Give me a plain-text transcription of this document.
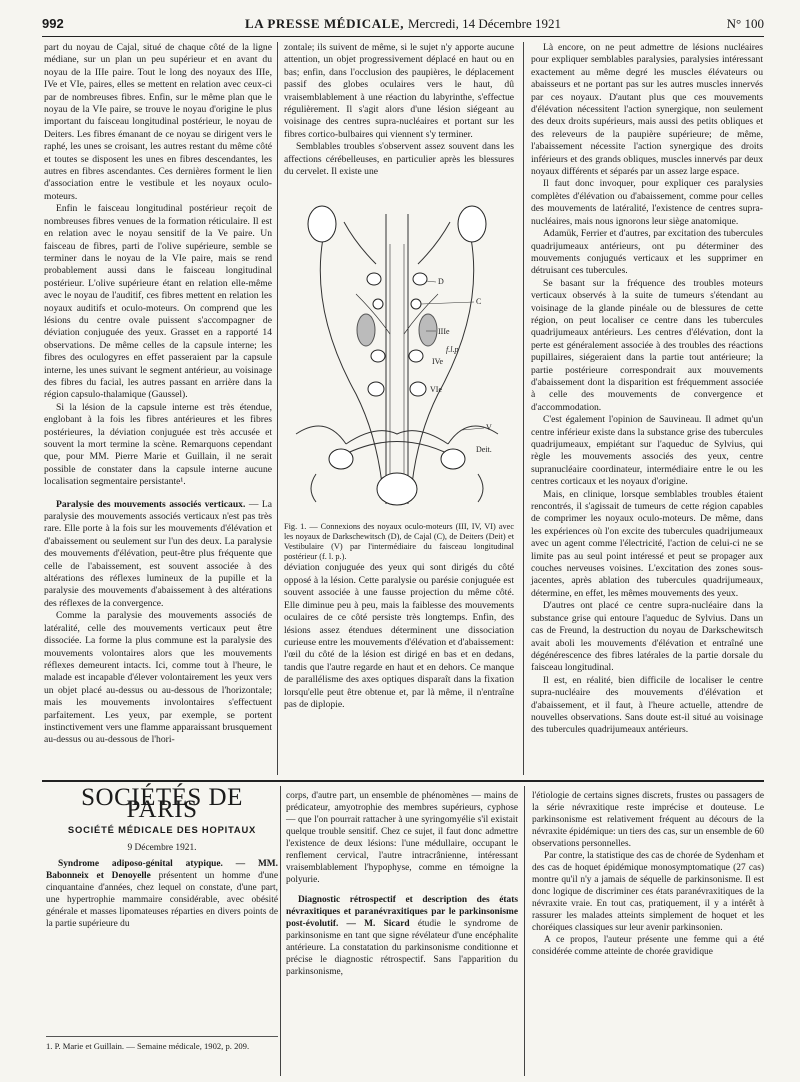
992	LA PRESSE MÉDICALE, Mercredi, 14 Décembre 1921	N° 100

part du noyau de Cajal, situé de chaque côté de la ligne médiane, sur un plan un peu supérieur et en avant du noyau de la IIIe paire. Tout le long des noyaux des IIIe, IVe et VIe, paires, elles se mettent en relation avec ceux-ci par de nombreuses fibres. Enfin, sur le même plan que le noyau de la VIe paire, se trouve le noyau d'origine le plus important du faisceau longitudinal postérieur, le noyau de Deiters. Les fibres émanant de ce noyau se dirigent vers le raphé, les unes se croisant, les autres restant du même côté et toutes se disposent les unes en fibres descendantes, les autres en fibres ascendantes. Ces dernières forment le lien d'association entre le vestibule et les noyaux oculo-moteurs.

Enfin le faisceau longitudinal postérieur reçoit de nombreuses fibres venues de la formation réticulaire. Il est en relation avec le noyau sensitif de la Ve paire. Un faisceau de fibres, parti de l'olive supérieure, semble se terminer dans le noyau de la VIe paire, mais se rend probablement aussi dans le faisceau longitudinal postérieur. L'olive supérieure étant en relation elle-même avec le noyau de l'auditif, ces fibres mettent en relation les noyaux auditifs et oculo-moteurs. On comprend que les lésions du centre ovale puissent s'accompagner de déviation conjuguée des yeux. Grasset en a rapporté 14 observations. De même celles de la capsule interne; les fibres des oculogyres en effet passeraient par la capsule interne, les unes suivant le segment antérieur, au voisinage des fibres du facial, les autres passant en arrière dans la région capsulo-thalamique (Gaussel).

Si la lésion de la capsule interne est très étendue, englobant à la fois les fibres antérieures et les fibres postérieures, la déviation conjuguée est très accusée et souvent la mort termine la scène. Remarquons cependant que, pour MM. Pierre Marie et Guillain, il ne serait possible de constater dans la capsule interne aucune localisation segmentaire persistante¹.

Paralysie des mouvements associés verticaux. — La paralysie des mouvements associés verticaux n'est pas très rare. Elle porte à la fois sur les mouvements d'élévation et d'abaissement ou seulement sur l'un des deux. La paralysie des mouvements d'élévation, peut-être plus fréquente que celle de l'abaissement, est souvent associée à des altérations des réflexes lumineux de la pupille et la paralysie des mouvements d'abaissement à des altérations des réflexes de la convergence.

Comme la paralysie des mouvements associés de latéralité, celle des mouvements verticaux peut être dissociée. La forme la plus commune est la paralysie des mouvements volontaires alors que les mouvements réflexes demeurent intacts. Ici, comme tout à l'heure, le malade est incapable d'élever volontairement les yeux vers un objet placé au-dessus ou au-dessous de l'horizontale; mais les mouvements involontaires s'effectuent parfaitement. Les yeux, par exemple, se portent instinctivement vers une flamme apparaissant brusquement au-dessus ou au-dessous de l'hori-

zontale; ils suivent de même, si le sujet n'y apporte aucune attention, un objet progressivement déplacé en haut ou en bas; enfin, dans l'occlusion des paupières, le déplacement passif des globes oculaires vers le haut, dû vraisemblablement à une réaction du labyrinthe, s'effectue régulièrement. Il s'agit alors d'une lésion siégeant au voisinage des centres supra-nucléaires et portant sur les fibres cortico-bulbaires qui viennent s'y terminer.

Semblables troubles s'observent assez souvent dans les affections cérébelleuses, en particulier après les blessures du cervelet. Il existe une

D
C
IIIe
f.l.p
IVe
VIe
V
Deit.

Fig. 1. — Connexions des noyaux oculo-moteurs (III, IV, VI) avec les noyaux de Darkschewitsch (D), de Cajal (C), de Deiters (Deit) et Vestibulaire (V) par l'intermédiaire du faisceau longitudinal postérieur (f. l. p.).

déviation conjuguée des yeux qui sont dirigés du côté opposé à la lésion. Cette paralysie ou parésie conjuguée est souvent associée à une fausse projection du même côté. Elle diminue peu à peu, mais la faiblesse des mouvements oculaires de ce côté persiste très longtemps. Enfin, des lésions assez étendues déterminent une dissociation curieuse entre les mouvements d'élévation et d'abaissement: l'œil du côté de la lésion est dirigé en bas et en dedans, tandis que l'autre regarde en haut et en dehors. Ce manque de parallélisme des axes optiques disparaît dans la fixation lorsqu'elle peut être obtenue et, par là même, il n'entraîne pas de diplopie.

Là encore, on ne peut admettre de lésions nucléaires pour expliquer semblables paralysies, paralysies intéressant exactement au même degré les muscles élévateurs ou abaisseurs et ne portant pas sur les autres muscles innervés par ces noyaux. D'autant plus que ces mouvements d'élévation nécessitent l'action synergique, non seulement des deux droits supérieurs, mais aussi des petits obliques et des releveurs de la paupière supérieure; de même, l'abaissement nécessite l'action synergique des droits inférieurs et des grands obliques, muscles innervés par deux noyaux différents et séparés par un assez large espace.

Il faut donc invoquer, pour expliquer ces paralysies complètes d'élévation ou d'abaissement, comme pour celles des mouvements de latéralité, l'existence de centres supra-nucléaires, mais nous ignorons leur siège anatomique.

Adamük, Ferrier et d'autres, par excitation des tubercules quadrijumeaux antérieurs, ont pu déterminer des mouvements conjugués verticaux et les supprimer en détruisant ces tubercules.

Se basant sur la fréquence des troubles moteurs verticaux observés à la suite de tumeurs s'étendant au voisinage de la glande pinéale ou de blessures de cette région, on peut localiser ce centre dans les tubercules quadrijumeaux antérieurs. Les centres d'élévation, dont la perte est généralement associée à des troubles des réactions pupillaires, siégeraient dans la partie tout antérieure; la partie postérieure correspondrait aux mouvements d'abaissement dont la disparition est fréquemment associée à celle des mouvements de convergence et d'accommodation.

C'est également l'opinion de Sauvineau. Il admet qu'un centre inférieur existe dans la substance grise des tubercules quadrijumeaux, empiétant sur l'aqueduc de Sylvius, qui règle les mouvements associés des yeux, centre supranucléaire coordinateur, intermédiaire entre le ou les centres corticaux et les noyaux d'origine.

Mais, en clinique, lorsque semblables troubles étaient rencontrés, il s'agissait de tumeurs de cette région capables de comprimer les noyaux oculo-moteurs. De même, dans les expériences où l'on excite des tubercules quadrijumeaux avec un agent comme l'électricité, l'action de celui-ci ne se limite pas au seul point intéressé et peut se propager aux couches nerveuses voisines. L'excitation des zones sous-jacentes, après ablation des tubercules quadrijumeaux, détermine, en effet, les mêmes mouvements des yeux.

D'autres ont placé ce centre supra-nucléaire dans la substance grise qui entoure l'aqueduc de Sylvius. Dans un cas de Freund, la destruction du noyau de Darkschewitsch avait aboli les mouvements d'élévation et entraîné une dégénérescence des fibres latérales de la partie dorsale du faisceau longitudinal.

Il est, en réalité, bien difficile de localiser le centre supra-nucléaire des mouvements d'élévation et d'abaissement, et il faut, à l'heure actuelle, attendre de nouvelles observations. Sans doute est-il situé au voisinage des tubercules quadrijumeaux antérieurs.

SOCIÉTÉS DE PARIS
SOCIÉTÉ MÉDICALE DES HOPITAUX
9 Décembre 1921.

Syndrome adiposo-génital atypique. — MM. Babonneix et Denoyelle présentent un homme d'une cinquantaine d'années, chez lequel on constate, d'une part, une hypertrophie mammaire considérable, avec obésité générale et masses lipomateuses réparties en divers points de la partie supérieure du

corps, d'autre part, un ensemble de phénomènes — mains de prédicateur, amyotrophie des membres supérieurs, cyphose — que l'on pourrait rattacher à une syringomyélie s'il existait quelque trouble sensitif. Chez ce sujet, il faut donc admettre l'existence de deux lésions: l'une médullaire, occupant le renflement cervical, l'autre intracrânienne, intéressant vraisemblablement l'hypophyse, comme en témoigne la polyurie.

Diagnostic rétrospectif et description des états névraxitiques et paranévraxitiques par le parkinsonisme post-évolutif. — M. Sicard étudie le syndrome de parkinsonisme en tant que signe révélateur d'une encéphalite antérieure. La constatation du parkinsonisme conditionne et précise le diagnostic rétrospectif. Sans l'apparition du parkinsonisme,

l'étiologie de certains signes discrets, frustes ou passagers de la série névraxitique reste imprécise et douteuse. Le parkinsonisme est relativement fréquent au décours de la névraxite épidémique: un tiers des cas, sur un ensemble de 60 observations personnelles.

Par contre, la statistique des cas de chorée de Sydenham et des cas de hoquet épidémique monosymptomatique (27 cas) montre qu'il n'y a jamais de séquelle de parkinsonisme. Il est donc logique de discriminer ces états paranévraxitiques de la névraxite vraie. En tout cas, pratiquement, il y a intérêt à rassurer les malades atteints simplement de hoquet et les choréiques classiques sur leur avenir parkinsonien.

A ce propos, l'auteur présente une femme qui a été considérée comme atteinte de chorée gravidique

1. P. Marie et Guillain. — Semaine médicale, 1902, p. 209.
